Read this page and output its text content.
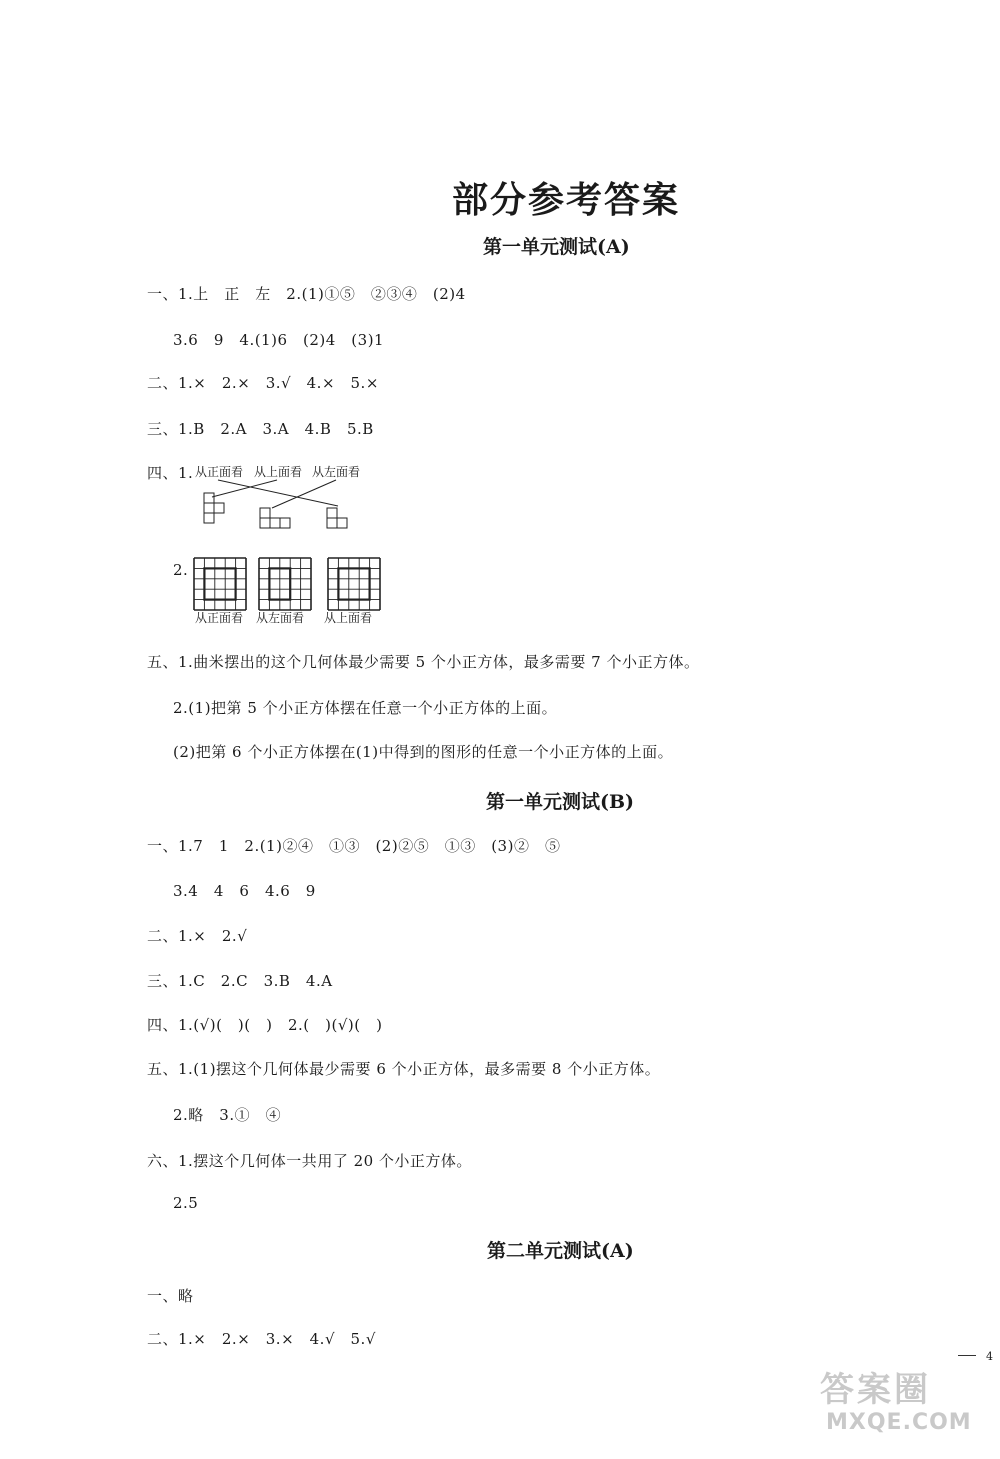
部分参考答案
第一单元测试(A)
一、1.上　正　左　2.(1)①⑤　②③④　(2)4
3.6　9　4.(1)6　(2)4　(3)1
二、1.×　2.×　3.√　4.×　5.×
三、1.B　2.A　3.A　4.B　5.B
四、1. 从正面看 从上面看 从左面看
2.
从正面看 从左面看 从上面看
五、1.曲米摆出的这个几何体最少需要 5 个小正方体，最多需要 7 个小正方体。
2.(1)把第 5 个小正方体摆在任意一个小正方体的上面。
(2)把第 6 个小正方体摆在(1)中得到的图形的任意一个小正方体的上面。
第一单元测试(B)
一、1.7　1　2.(1)②④　①③　(2)②⑤　①③　(3)②　⑤
3.4　4　6　4.6　9
二、1.×　2.√
三、1.C　2.C　3.B　4.A
四、1.(√)(　)(　)　2.(　)(√)(　)
五、1.(1)摆这个几何体最少需要 6 个小正方体，最多需要 8 个小正方体。
2.略　3.①　④
六、1.摆这个几何体一共用了 20 个小正方体。
2.5
第二单元测试(A)
一、略
二、1.×　2.×　3.×　4.√　5.√
4
答案圈
MXQE.COM
